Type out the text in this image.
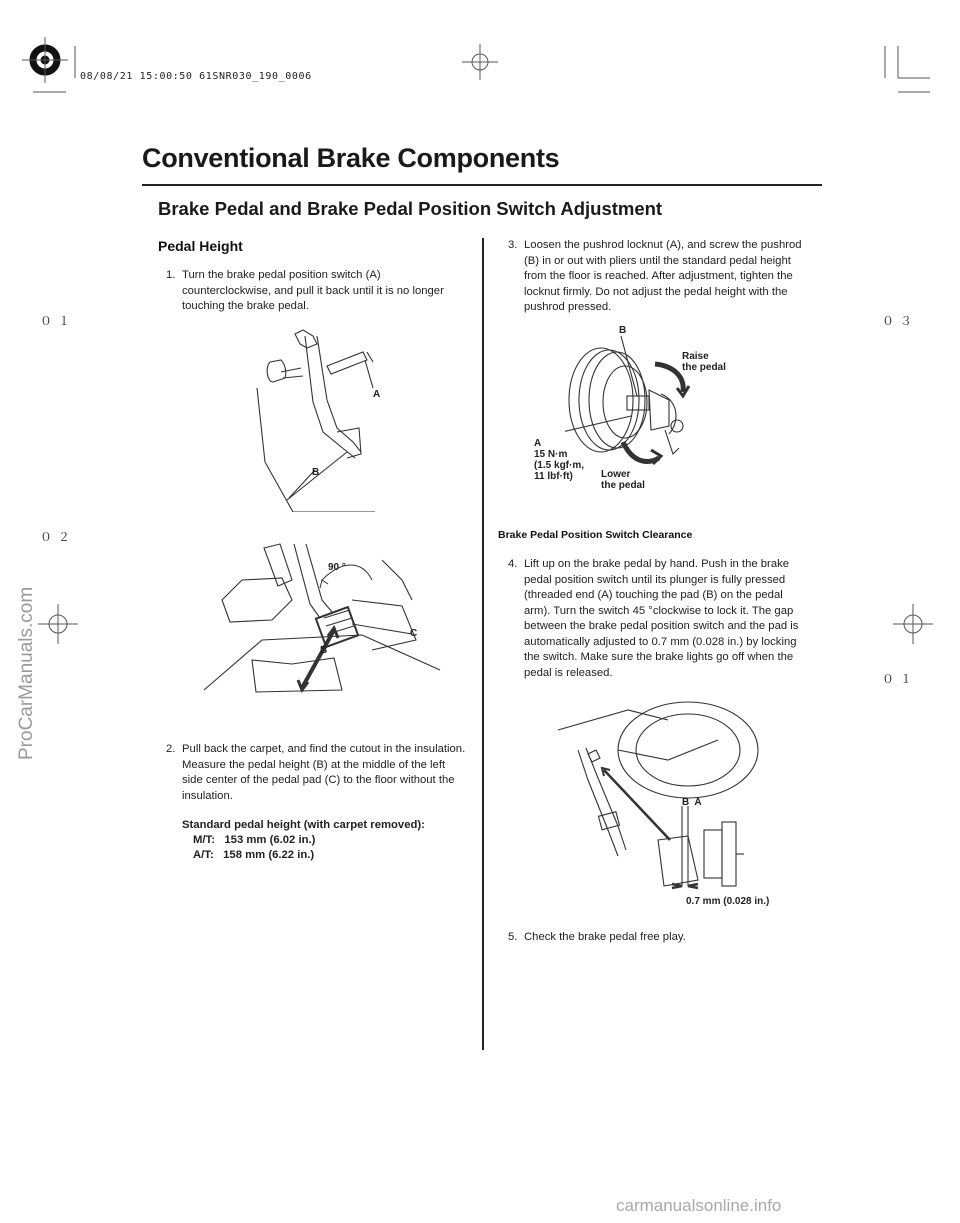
08/08/21 15:00:50 61SNR030_190_0006
Conventional Brake Components
Brake Pedal and Brake Pedal Position Switch Adjustment
Pedal Height
1. Turn the brake pedal position switch (A) counterclockwise, and pull it back until it is no longer touching the brake pedal.
A
B
90 °
B
C
2. Pull back the carpet, and find the cutout in the insulation. Measure the pedal height (B) at the middle of the left side center of the pedal pad (C) to the floor without the insulation.
Standard pedal height (with carpet removed):
M/T:   153 mm (6.02 in.)
A/T:   158 mm (6.22 in.)
3. Loosen the pushrod locknut (A), and screw the pushrod (B) in or out with pliers until the standard pedal height from the floor is reached. After adjustment, tighten the locknut firmly. Do not adjust the pedal height with the pushrod pressed.
B
Raise
the pedal
A
15 N·m
(1.5 kgf·m,
11 lbf·ft)	Lower
the pedal
Brake Pedal Position Switch Clearance
4. Lift up on the brake pedal by hand. Push in the brake pedal position switch until its plunger is fully pressed (threaded end (A) touching the pad (B) on the pedal arm). Turn the switch 45 °clockwise to lock it. The gap between the brake pedal position switch and the pad is automatically adjusted to 0.7 mm (0.028 in.) by locking the switch. Make sure the brake lights go off when the pedal is released.
B  A
0.7 mm (0.028 in.)
5. Check the brake pedal free play.
０１
０２
０３
０１
ProCarManuals.com
carmanualsonline.info
